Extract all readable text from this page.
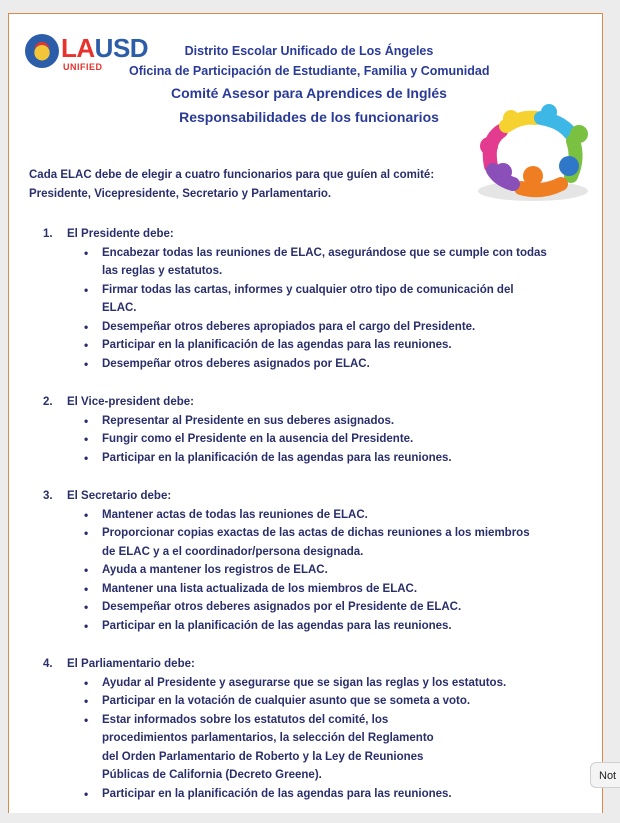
LAUSD
UNIFIED
Distrito Escolar Unificado de Los Ángeles
Oficina de Participación de Estudiante, Familia y Comunidad
Comité Asesor para Aprendices de Inglés
Responsabilidades de los funcionarios
Cada ELAC debe de elegir a cuatro funcionarios para que guíen al comité:
Presidente, Vicepresidente, Secretario y Parlamentario.
1. El Presidente debe:
• Encabezar todas las reuniones de ELAC, asegurándose que se cumple con todas
las reglas y estatutos.
• Firmar todas las cartas, informes y cualquier otro tipo de comunicación del
ELAC.
• Desempeñar otros deberes apropiados para el cargo del Presidente.
• Participar en la planificación de las agendas para las reuniones.
• Desempeñar otros deberes asignados por ELAC.
2. El Vice-president debe:
• Representar al Presidente en sus deberes asignados.
• Fungir como el Presidente en la ausencia del Presidente.
• Participar en la planificación de las agendas para las reuniones.
3. El Secretario debe:
• Mantener actas de todas las reuniones de ELAC.
• Proporcionar copias exactas de las actas de dichas reuniones a los miembros
de ELAC y a el coordinador/persona designada.
• Ayuda a mantener los registros de ELAC.
• Mantener una lista actualizada de los miembros de ELAC.
• Desempeñar otros deberes asignados por el Presidente de ELAC.
• Participar en la planificación de las agendas para las reuniones.
4. El Parliamentario debe:
• Ayudar al Presidente y asegurarse que se sigan las reglas y los estatutos.
• Participar en la votación de cualquier asunto que se someta a voto.
• Estar informados sobre los estatutos del comité, los
procedimientos parlamentarios, la selección del Reglamento
del Orden Parlamentario de Roberto y la Ley de Reuniones
Públicas de California (Decreto Greene).
• Participar en la planificación de las agendas para las reuniones.
Not
